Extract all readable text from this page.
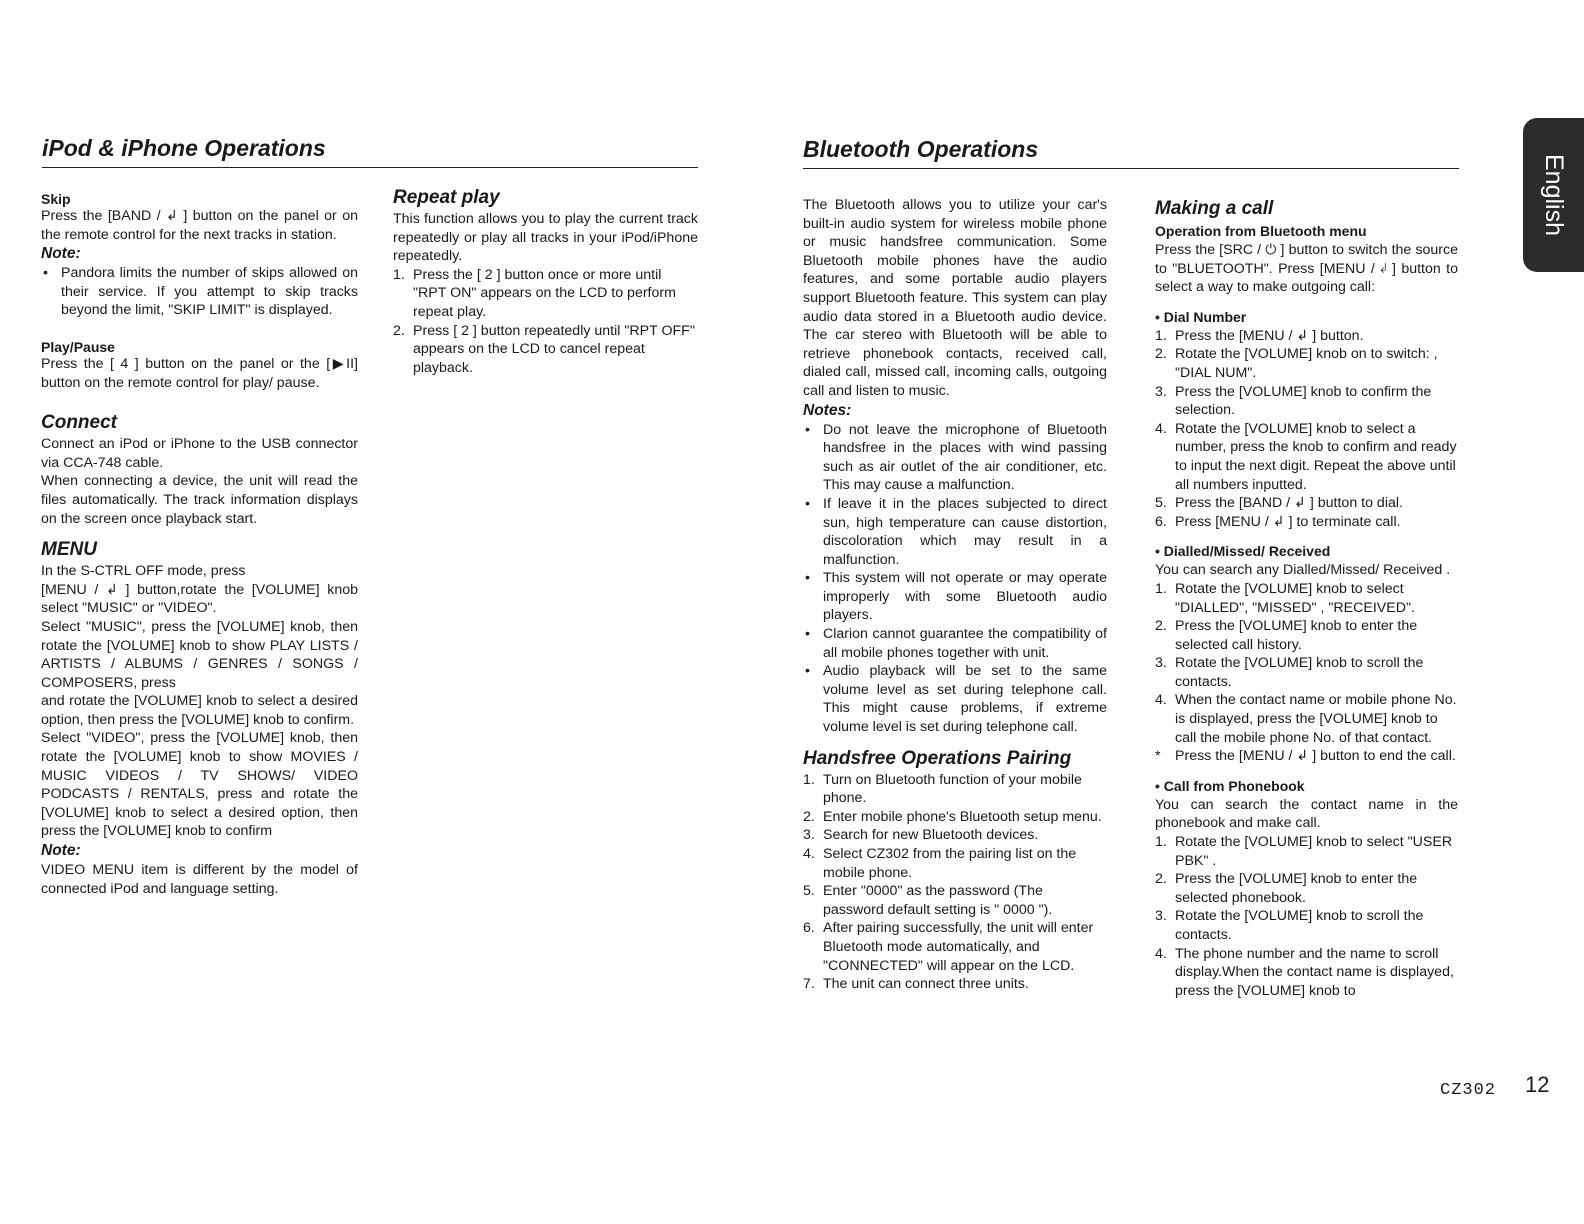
iPod & iPhone Operations	Bluetooth Operations
Skip

Press the [BAND / ↲ ] button on the panel or on the remote control for the next tracks in station.

Note:
• Pandora limits the number of skips allowed on their service. If you attempt to skip tracks beyond the limit, "SKIP LIMIT" is displayed.
Play/Pause

Press the [ 4 ] button on the panel or the [▶II] button on the remote control for play/ pause.

Connect

Connect an iPod or iPhone to the USB connector via CCA-748 cable.

When connecting a device, the unit will read the files automatically. The track information displays on the screen once playback start.

MENU

In the S-CTRL OFF mode, press

[MENU / ↲ ] button,rotate the [VOLUME] knob select "MUSIC" or "VIDEO".

Select "MUSIC", press the [VOLUME] knob, then rotate the [VOLUME] knob to show PLAY LISTS / ARTISTS / ALBUMS / GENRES / SONGS / COMPOSERS, press

and rotate the [VOLUME] knob to select a desired option, then press the [VOLUME] knob to confirm.

Select "VIDEO", press the [VOLUME] knob, then rotate the [VOLUME] knob to show MOVIES / MUSIC VIDEOS / TV SHOWS/ VIDEO PODCASTS / RENTALS, press and rotate the [VOLUME] knob to select a desired option, then press the [VOLUME] knob to confirm

Note:

VIDEO MENU item is different by the model of connected iPod and language setting.

Repeat play

This function allows you to play the current track repeatedly or play all tracks in your iPod/iPhone repeatedly.

1. Press the [ 2 ] button once or more until "RPT ON" appears on the LCD to perform repeat play.
2. Press [ 2 ] button repeatedly until "RPT OFF" appears on the LCD to cancel repeat playback.

The Bluetooth allows you to utilize your car's built-in audio system for wireless mobile phone or music handsfree communication. Some Bluetooth mobile phones have the audio features, and some portable audio players support Bluetooth feature. This system can play audio data stored in a Bluetooth audio device. The car stereo with Bluetooth will be able to retrieve phonebook contacts, received call, dialed call, missed call, incoming calls, outgoing call and listen to music.

Notes:
• Do not leave the microphone of Bluetooth handsfree in the places with wind passing such as air outlet of the air conditioner, etc. This may cause a malfunction.
• If leave it in the places subjected to direct sun, high temperature can cause distortion, discoloration which may result in a malfunction.
• This system will not operate or may operate improperly with some Bluetooth audio players.
• Clarion cannot guarantee the compatibility of all mobile phones together with unit.
• Audio playback will be set to the same volume level as set during telephone call. This might cause problems, if extreme volume level is set during telephone call.

Handsfree Operations Pairing

1. Turn on Bluetooth function of your mobile phone.
2. Enter mobile phone's Bluetooth setup menu.
3. Search for new Bluetooth devices.
4. Select CZ302 from the pairing list on the mobile phone.
5. Enter "0000" as the password (The password default setting is " 0000 ").
6. After pairing successfully, the unit will enter Bluetooth mode automatically, and "CONNECTED" will appear on the LCD.
7. The unit can connect three units.

Making a call

Operation from Bluetooth menu

Press the [SRC / ⏻ ] button to switch the source to "BLUETOOTH". Press [MENU / ↲ ] button to select a way to make outgoing call:

• Dial Number
1. Press the [MENU / ↲ ] button.
2. Rotate the [VOLUME] knob on to switch: , "DIAL NUM".
3. Press the [VOLUME] knob to confirm the selection.
4. Rotate the [VOLUME] knob to select a number, press the knob to confirm and ready to input the next digit. Repeat the above until all numbers inputted.
5. Press the [BAND / ↲ ] button to dial.
6. Press [MENU / ↲ ] to terminate call.
• Dialled/Missed/ Received

You can search any Dialled/Missed/ Received .

1. Rotate the [VOLUME] knob to select "DIALLED", "MISSED" , "RECEIVED".
2. Press the [VOLUME] knob to enter the selected call history.
3. Rotate the [VOLUME] knob to scroll the contacts.
4. When the contact name or mobile phone No. is displayed, press the [VOLUME] knob to call the mobile phone No. of that contact.
* Press the [MENU / ↲ ] button to end the call.
• Call from Phonebook

You can search the contact name in the phonebook and make call.

1. Rotate the [VOLUME] knob to select "USER PBK" .
2. Press the [VOLUME] knob to enter the selected phonebook.
3. Rotate the [VOLUME] knob to scroll the contacts.
4. The phone number and the name to scroll display.When the contact name is displayed, press the [VOLUME] knob to
English
CZ302 12
